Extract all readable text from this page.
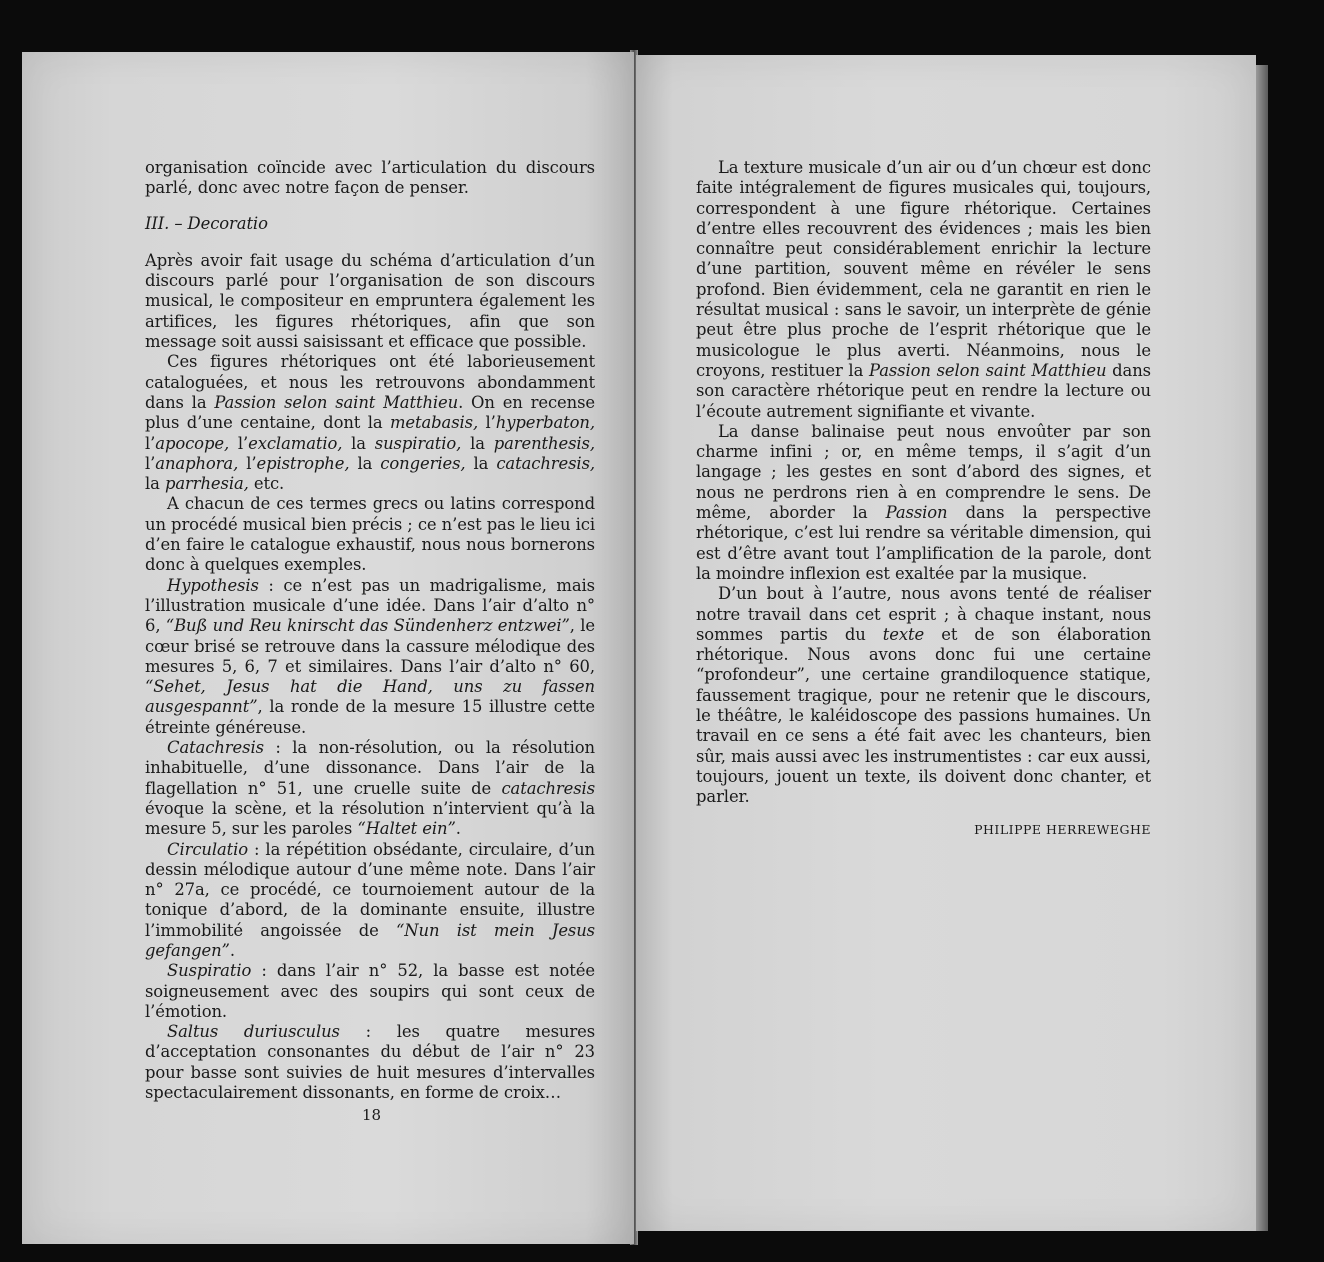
organisation coïncide avec l’articulation du discours parlé, donc avec notre façon de penser.

III. – Decoratio

Après avoir fait usage du schéma d’articulation d’un discours parlé pour l’organisation de son discours musical, le compositeur en empruntera également les artifices, les figures rhétoriques, afin que son message soit aussi saisissant et efficace que possible.

Ces figures rhétoriques ont été laborieusement cataloguées, et nous les retrouvons abondamment dans la Passion selon saint Matthieu. On en recense plus d’une centaine, dont la metabasis, l’hyperbaton, l’apocope, l’exclamatio, la suspiratio, la parenthesis, l’anaphora, l’epistrophe, la congeries, la catachresis, la parrhesia, etc.

A chacun de ces termes grecs ou latins correspond un procédé musical bien précis ; ce n’est pas le lieu ici d’en faire le catalogue exhaustif, nous nous bornerons donc à quelques exemples.

Hypothesis : ce n’est pas un madrigalisme, mais l’illustration musicale d’une idée. Dans l’air d’alto n° 6, “Buß und Reu knirscht das Sündenherz entzwei”, le cœur brisé se retrouve dans la cassure mélodique des mesures 5, 6, 7 et similaires. Dans l’air d’alto n° 60, “Sehet, Jesus hat die Hand, uns zu fassen ausgespannt”, la ronde de la mesure 15 illustre cette étreinte généreuse.

Catachresis : la non-résolution, ou la résolution inhabituelle, d’une dissonance. Dans l’air de la flagellation n° 51, une cruelle suite de catachresis évoque la scène, et la résolution n’intervient qu’à la mesure 5, sur les paroles “Haltet ein”.

Circulatio : la répétition obsédante, circulaire, d’un dessin mélodique autour d’une même note. Dans l’air n° 27a, ce procédé, ce tournoiement autour de la tonique d’abord, de la dominante ensuite, illustre l’immobilité angoissée de “Nun ist mein Jesus gefangen”.

Suspiratio : dans l’air n° 52, la basse est notée soigneusement avec des soupirs qui sont ceux de l’émotion.

Saltus duriusculus : les quatre mesures d’acceptation consonantes du début de l’air n° 23 pour basse sont suivies de huit mesures d’intervalles spectaculairement dissonants, en forme de croix…

18

La texture musicale d’un air ou d’un chœur est donc faite intégralement de figures musicales qui, toujours, correspondent à une figure rhétorique. Certaines d’entre elles recouvrent des évidences ; mais les bien connaître peut considérablement enrichir la lecture d’une partition, souvent même en révéler le sens profond. Bien évidemment, cela ne garantit en rien le résultat musical : sans le savoir, un interprète de génie peut être plus proche de l’esprit rhétorique que le musicologue le plus averti. Néanmoins, nous le croyons, restituer la Passion selon saint Matthieu dans son caractère rhétorique peut en rendre la lecture ou l’écoute autrement signifiante et vivante.

La danse balinaise peut nous envoûter par son charme infini ; or, en même temps, il s’agit d’un langage ; les gestes en sont d’abord des signes, et nous ne perdrons rien à en comprendre le sens. De même, aborder la Passion dans la perspective rhétorique, c’est lui rendre sa véritable dimension, qui est d’être avant tout l’amplification de la parole, dont la moindre inflexion est exaltée par la musique.

D’un bout à l’autre, nous avons tenté de réaliser notre travail dans cet esprit ; à chaque instant, nous sommes partis du texte et de son élaboration rhétorique. Nous avons donc fui une certaine “profondeur”, une certaine grandiloquence statique, faussement tragique, pour ne retenir que le discours, le théâtre, le kaléidoscope des passions humaines. Un travail en ce sens a été fait avec les chanteurs, bien sûr, mais aussi avec les instrumentistes : car eux aussi, toujours, jouent un texte, ils doivent donc chanter, et parler.

PHILIPPE HERREWEGHE
